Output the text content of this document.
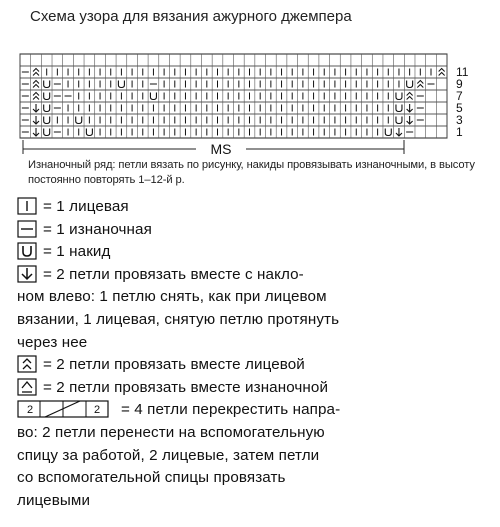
Схема узора для вязания ажурного джемпера
11
9
7
5
3
1
MS
Изнаночный ряд: петли вязать по рисунку, накиды провязывать изнаночными, в высоту постоянно повторять 1–12-й р.
= 1 лицевая
= 1 изнаночная
= 1 накид
= 2 петли провязать вместе с накло-
ном влево: 1 петлю снять, как при лицевом
вязании, 1 лицевая, снятую петлю протянуть
через нее
= 2 петли провязать вместе лицевой
= 2 петли провязать вместе изнаночной
2	2 = 4 петли перекрестить напра-
во: 2 петли перенести на вспомогательную
спицу за работой, 2 лицевые, затем петли
со вспомогательной спицы провязать
лицевыми
